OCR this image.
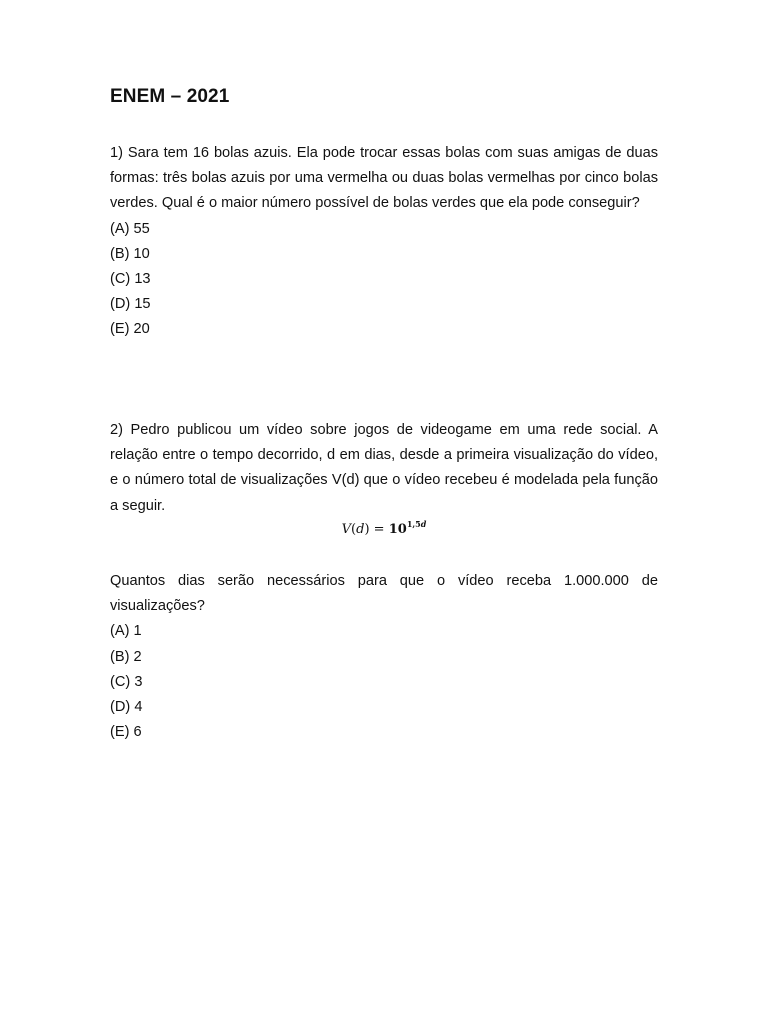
ENEM – 2021

1) Sara tem 16 bolas azuis. Ela pode trocar essas bolas com suas amigas de duas formas: três bolas azuis por uma vermelha ou duas bolas vermelhas por cinco bolas verdes. Qual é o maior número possível de bolas verdes que ela pode conseguir?

(A) 55

(B) 10

(C) 13

(D) 15

(E) 20

2) Pedro publicou um vídeo sobre jogos de videogame em uma rede social. A relação entre o tempo decorrido, d em dias, desde a primeira visualização do vídeo, e o número total de visualizações V(d) que o vídeo recebeu é modelada pela função a seguir.

$V(d) = 10^{1,5d}$

Quantos dias serão necessários para que o vídeo receba 1.000.000 de visualizações?

(A) 1

(B) 2

(C) 3

(D) 4

(E) 6
